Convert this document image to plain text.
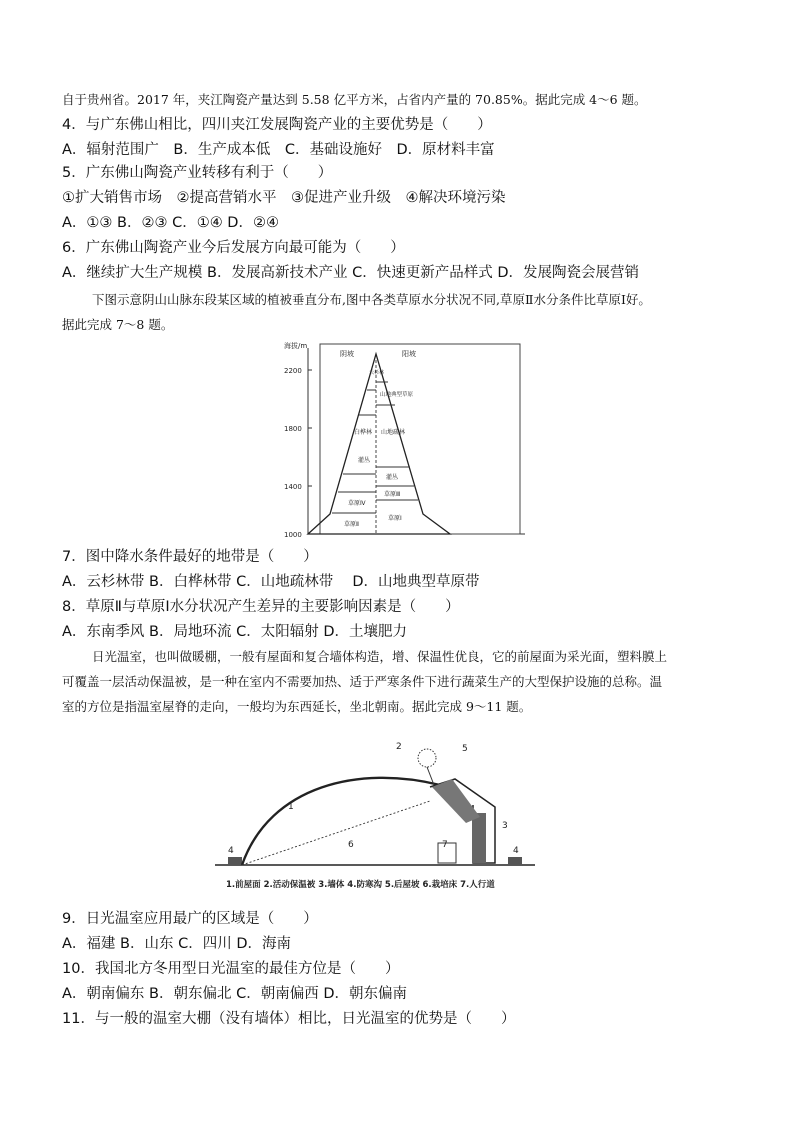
自于贵州省。2017 年，夹江陶瓷产量达到 5.58 亿平方米，占省内产量的 70.85%。据此完成 4～6 题。
4．与广东佛山相比，四川夹江发展陶瓷产业的主要优势是（　　）
A．辐射范围广　B．生产成本低　C．基础设施好　D．原材料丰富
5．广东佛山陶瓷产业转移有利于（　　）
①扩大销售市场　②提高营销水平　③促进产业升级　④解决环境污染
A．①③ B．②③ C．①④ D．②④
6．广东佛山陶瓷产业今后发展方向最可能为（　　）
A．继续扩大生产规模 B．发展高新技术产业 C．快速更新产品样式 D．发展陶瓷会展营销
下图示意阴山山脉东段某区域的植被垂直分布,图中各类草原水分状况不同,草原Ⅱ水分条件比草原Ⅰ好。
据此完成 7～8 题。
海拔/m
2200
1800
1400
1000
阴坡	阳坡
云杉林
白桦林
灌丛
草原Ⅳ
草原Ⅱ
山地典型草原
山地疏林
灌丛
草原Ⅲ
草原Ⅰ
7．图中降水条件最好的地带是（　　）
A．云杉林带 B．白桦林带 C．山地疏林带　 D．山地典型草原带
8．草原Ⅱ与草原Ⅰ水分状况产生差异的主要影响因素是（　　）
A．东南季风 B．局地环流 C．太阳辐射 D．土壤肥力
日光温室，也叫做暖棚，一般有屋面和复合墙体构造，增、保温性优良，它的前屋面为采光面，塑料膜上
可覆盖一层活动保温被，是一种在室内不需要加热、适于严寒条件下进行蔬菜生产的大型保护设施的总称。温
室的方位是指温室屋脊的走向，一般均为东西延长，坐北朝南。据此完成 9～11 题。
1
2
3
4	4
5
6	7
1.前屋面 2.活动保温被 3.墙体 4.防寒沟 5.后屋坡 6.栽培床 7.人行道
9．日光温室应用最广的区域是（　　）
A．福建 B．山东 C．四川 D．海南
10．我国北方冬用型日光温室的最佳方位是（　　）
A．朝南偏东 B．朝东偏北 C．朝南偏西 D．朝东偏南
11．与一般的温室大棚（没有墙体）相比，日光温室的优势是（　　）
